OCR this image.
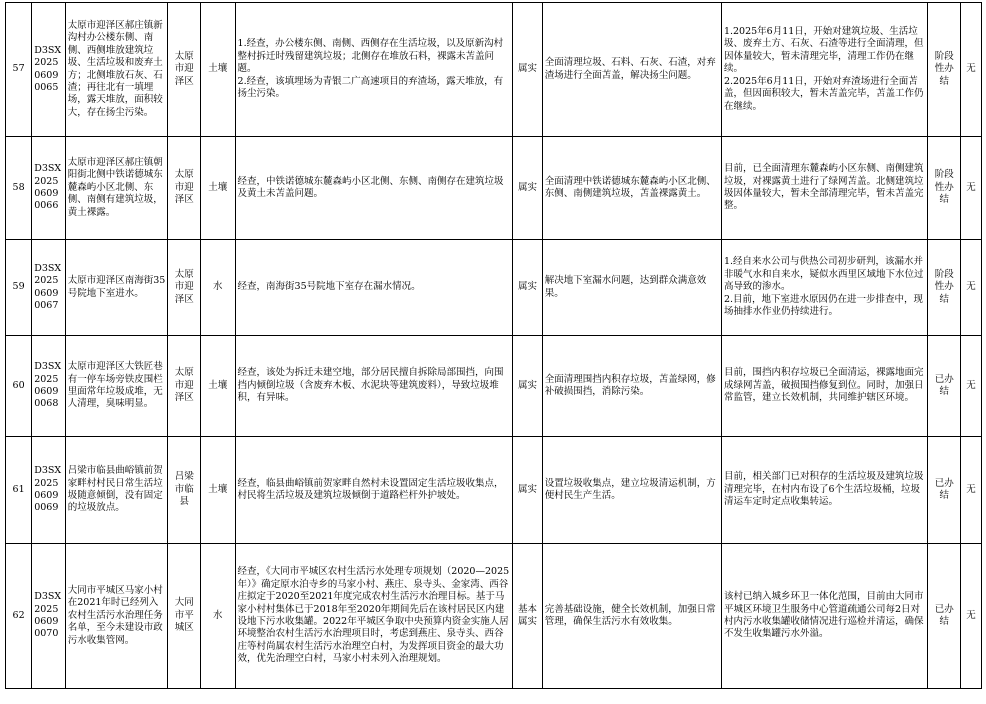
57	D3SX202506090065	太原市迎泽区郝庄镇新沟村办公楼东侧、南侧、西侧堆放建筑垃圾、生活垃圾和废弃土方；北侧堆放石灰、石渣；再往北有一填埋场，露天堆放，面积较大，存在扬尘污染。	太原市迎泽区	土壤	1.经查，办公楼东侧、南侧、西侧存在生活垃圾，以及原新沟村整村拆迁时残留建筑垃圾；北侧存在堆放石料，裸露未苫盖问题。
2.经查，该填埋场为青银二广高速项目的弃渣场，露天堆放，有扬尘污染。	属实	全面清理垃圾、石料、石灰、石渣，对弃渣场进行全面苫盖，解决扬尘问题。	1.2025年6月11日，开始对建筑垃圾、生活垃圾、废弃土方、石灰、石渣等进行全面清理，但因体量较大，暂未清理完毕，清理工作仍在继续。
2.2025年6月11日，开始对弃渣场进行全面苫盖，但因面积较大，暂未苫盖完毕，苫盖工作仍在继续。	阶段性办结	无
58	D3SX202506090066	太原市迎泽区郝庄镇朝阳街北侧中铁诺德城东麓森屿小区北侧、东侧、南侧有建筑垃圾，黄土裸露。	太原市迎泽区	土壤	经查，中铁诺德城东麓森屿小区北侧、东侧、南侧存在建筑垃圾及黄土未苫盖问题。	属实	全面清理中铁诺德城东麓森屿小区北侧、东侧、南侧建筑垃圾，苫盖裸露黄土。	目前，已全面清理东麓森屿小区东侧、南侧建筑垃圾，对裸露黄土进行了绿网苫盖。北侧建筑垃圾因体量较大，暂未全部清理完毕，暂未苫盖完整。	阶段性办结	无
59	D3SX202506090067	太原市迎泽区南海街35号院地下室进水。	太原市迎泽区	水	经查，南海街35号院地下室存在漏水情况。	属实	解决地下室漏水问题，达到群众满意效果。	1.经自来水公司与供热公司初步研判，该漏水并非暖气水和自来水，疑似水西里区域地下水位过高导致的渗水。
2.目前，地下室进水原因仍在进一步排查中，现场抽排水作业仍持续进行。	阶段性办结	无
60	D3SX202506090068	太原市迎泽区大铁匠巷有一停车场旁铁皮围栏里面常年垃圾成堆，无人清理，臭味明显。	太原市迎泽区	土壤	经查，该处为拆迁未建空地，部分居民擅自拆除局部围挡，向围挡内倾倒垃圾（含废弃木板、水泥块等建筑废料），导致垃圾堆积，有异味。	属实	全面清理围挡内积存垃圾，苫盖绿网，修补破损围挡，消除污染。	目前，围挡内积存垃圾已全面清运，裸露地面完成绿网苫盖，破损围挡修复到位。同时，加强日常监管，建立长效机制，共同维护辖区环境。	已办结	无
61	D3SX202506090069	吕梁市临县曲峪镇前贺家畔村村民日常生活垃圾随意倾倒，没有固定的垃圾放点。	吕梁市临县	土壤	经查，临县曲峪镇前贺家畔自然村未设置固定生活垃圾收集点，村民将生活垃圾及建筑垃圾倾倒于道路栏杆外护坡处。	属实	设置垃圾收集点，建立垃圾清运机制，方便村民生产生活。	目前，相关部门已对积存的生活垃圾及建筑垃圾清理完毕，在村内布设了6个生活垃圾桶，垃圾清运车定时定点收集转运。	已办结	无
62	D3SX202506090070	大同市平城区马家小村在2021年时已经列入农村生活污水治理任务名单，至今未建设市政污水收集管网。	大同市平城区	水	经查，《大同市平城区农村生活污水处理专项规划（2020—2025年）》确定原水泊寺乡的马家小村、燕庄、泉寺头、金家湾、西谷庄拟定于2020至2021年度完成农村生活污水治理目标。基于马家小村村集体已于2018年至2020年期间先后在该村居民区内建设地下污水收集罐。2022年平城区争取中央预算内资金实施人居环境整治农村生活污水治理项目时，考虑到燕庄、泉寺头、西谷庄等村尚属农村生活污水治理空白村，为发挥项目资金的最大功效，优先治理空白村，马家小村未列入治理规划。	基本属实	完善基础设施，健全长效机制，加强日常管理，确保生活污水有效收集。	该村已纳入城乡环卫一体化范围，目前由大同市平城区环境卫生服务中心管道疏通公司每2日对村内污水收集罐收储情况进行巡检并清运，确保不发生收集罐污水外溢。	已办结	无
